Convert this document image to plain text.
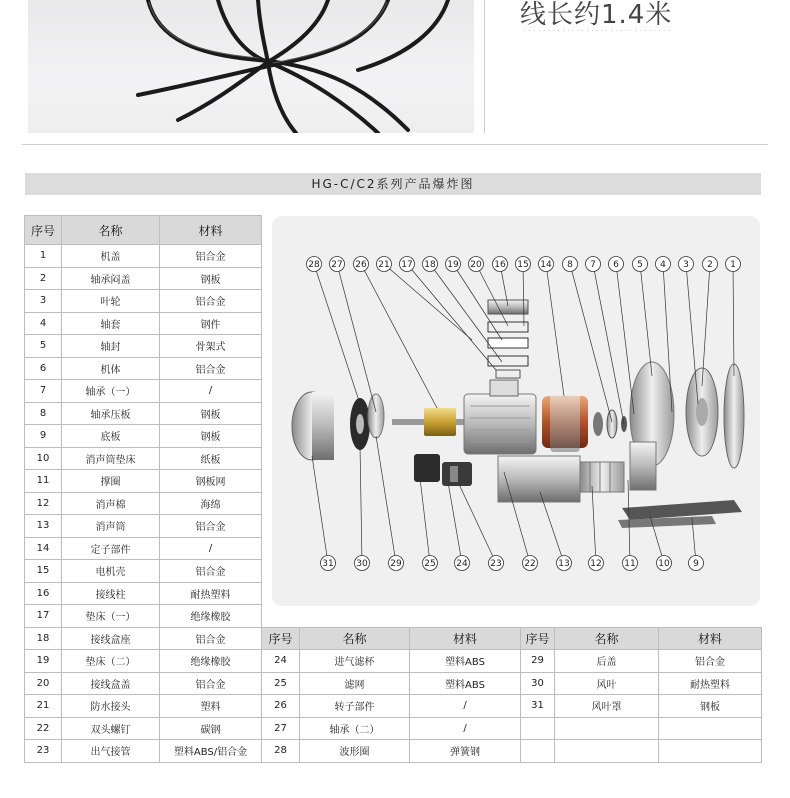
线长约1.4米
· · · · · · · · · · · · · · · · · · · · · · · · · · · · · · ·
HG-C/C2系列产品爆炸图
序号	名称	材料
1	机盖	铝合金
2	轴承闷盖	钢板
3	叶轮	铝合金
4	轴套	钢件
5	轴封	骨架式
6	机体	铝合金
7	轴承（一）	/
8	轴承压板	钢板
9	底板	钢板
10	消声筒垫床	纸板
11	撑圈	钢板网
12	消声棉	海绵
13	消声筒	铝合金
14	定子部件	/
15	电机壳	铝合金
16	接线柱	耐热塑料
17	垫床（一）	绝缘橡胶
18	接线盒座	铝合金
19	垫床（二）	绝缘橡胶
20	接线盒盖	铝合金
21	防水接头	塑料
22	双头螺钉	碳钢
23	出气接管	塑料ABS/铝合金
28 27 26 21 17 18 19 20 16 15 14 8 7 6 5 4 3 2 1
31	30	29	25 24	23	22	13 12	11	10	9
序号	名称	材料
24	进气滤杯	塑料ABS
25	滤网	塑料ABS
26	转子部件	/
27	轴承（二）	/
28	波形圈	弹簧钢
序号	名称	材料
29	后盖	铝合金
30	风叶	耐热塑料
31	风叶罩	钢板
